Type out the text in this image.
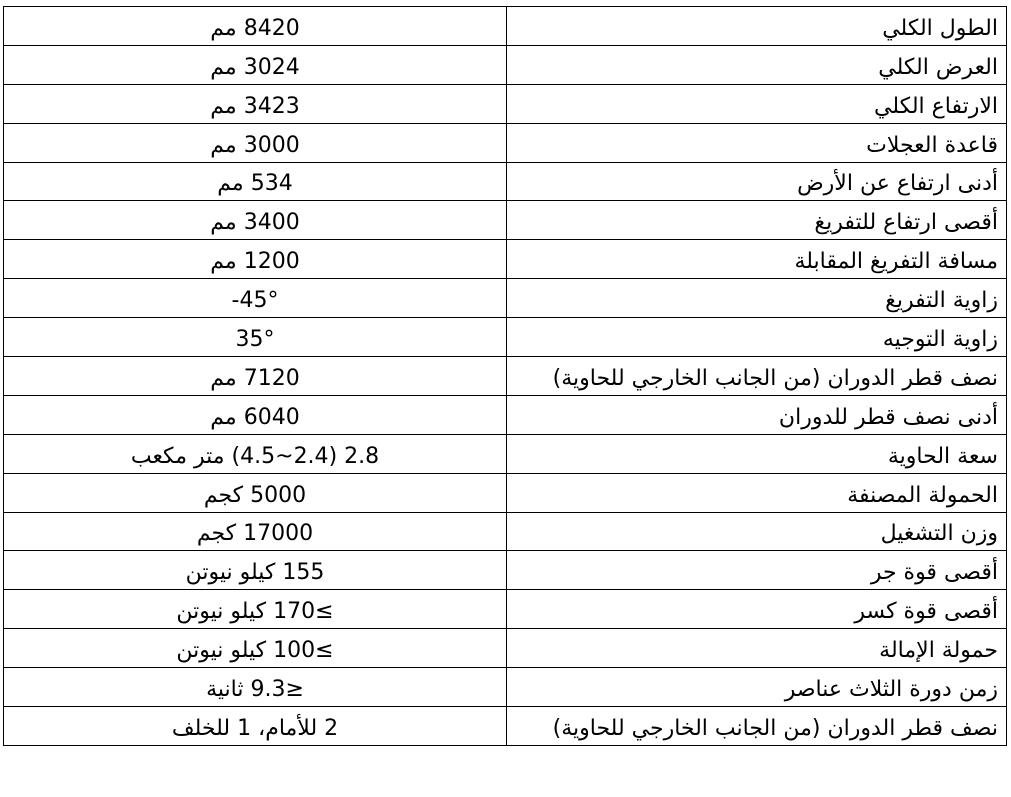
الطول الكلي	8420 مم
العرض الكلي	3024 مم
الارتفاع الكلي	3423 مم
قاعدة العجلات	3000 مم
أدنى ارتفاع عن الأرض	534 مم
أقصى ارتفاع للتفريغ	3400 مم
مسافة التفريغ المقابلة	1200 مم
زاوية التفريغ	-45°
زاوية التوجيه	35°
نصف قطر الدوران (من الجانب الخارجي للحاوية)	7120 مم
أدنى نصف قطر للدوران	6040 مم
سعة الحاوية	2.8 (2.4~4.5) متر مكعب
الحمولة المصنفة	5000 كجم
وزن التشغيل	17000 كجم
أقصى قوة جر	155 كيلو نيوتن
أقصى قوة كسر	≥170 كيلو نيوتن
حمولة الإمالة	≥100 كيلو نيوتن
زمن دورة الثلاث عناصر	≤9.3 ثانية
نصف قطر الدوران (من الجانب الخارجي للحاوية)	2 للأمام، 1 للخلف
